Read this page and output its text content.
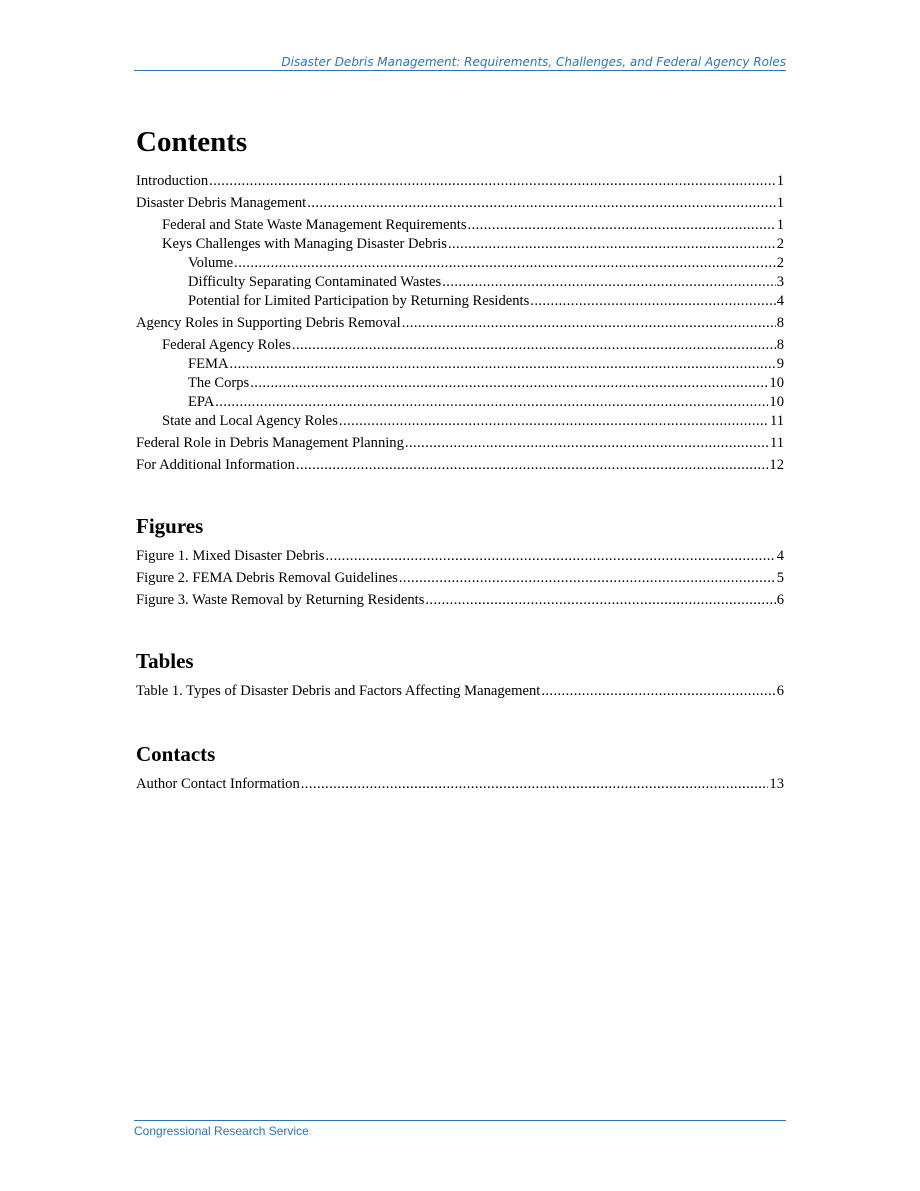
Disaster Debris Management: Requirements, Challenges, and Federal Agency Roles
Contents
Introduction .....	1
Disaster Debris Management .....	1
Federal and State Waste Management Requirements .....	1
Keys Challenges with Managing Disaster Debris .....	2
Volume .....	2
Difficulty Separating Contaminated Wastes .....	3
Potential for Limited Participation by Returning Residents .....	4
Agency Roles in Supporting Debris Removal .....	8
Federal Agency Roles .....	8
FEMA .....	9
The Corps .....	10
EPA .....	10
State and Local Agency Roles .....	11
Federal Role in Debris Management Planning .....	11
For Additional Information .....	12
Figures
Figure 1. Mixed Disaster Debris .....	4
Figure 2. FEMA Debris Removal Guidelines .....	5
Figure 3. Waste Removal by Returning Residents .....	6
Tables
Table 1. Types of Disaster Debris and Factors Affecting Management .....	6
Contacts
Author Contact Information .....	13
Congressional Research Service
